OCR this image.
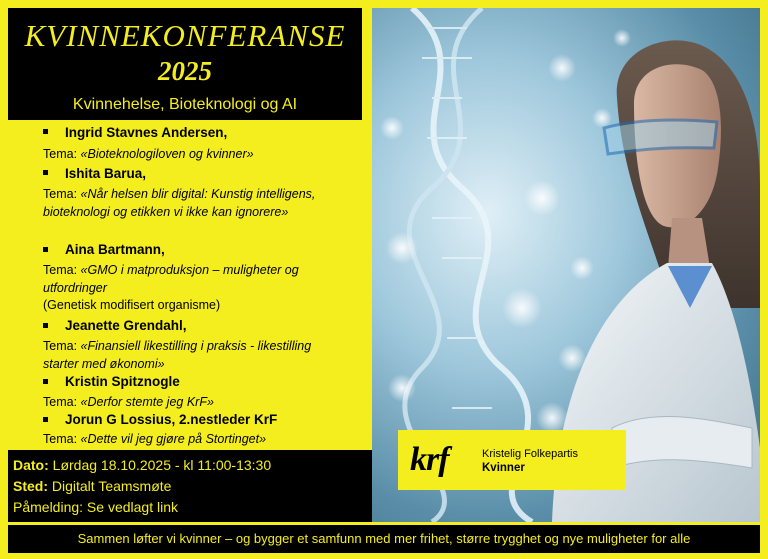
KVINNEKONFERANSE
2025
Kvinnehelse, Bioteknologi og AI
Ingrid Stavnes Andersen,
Tema: «Bioteknologiloven og kvinner»
Ishita Barua,
Tema: «Når helsen blir digital: Kunstig intelligens, bioteknologi og etikken vi ikke kan ignorere»
Aina Bartmann,
Tema: «GMO i matproduksjon – muligheter og utfordringer
(Genetisk modifisert organisme)
Jeanette Grendahl,
Tema: «Finansiell likestilling i praksis - likestilling starter med økonomi»
Kristin Spitznogle
Tema: «Derfor stemte jeg KrF»
Jorun G Lossius, 2.nestleder KrF
Tema: «Dette vil jeg gjøre på Stortinget»
krf	Kristelig Folkepartis
Kvinner
Dato: Lørdag 18.10.2025 - kl 11:00-13:30
Sted: Digitalt Teamsmøte
Påmelding: Se vedlagt link
Sammen løfter vi kvinner – og bygger et samfunn med mer frihet, større trygghet og nye muligheter for alle
